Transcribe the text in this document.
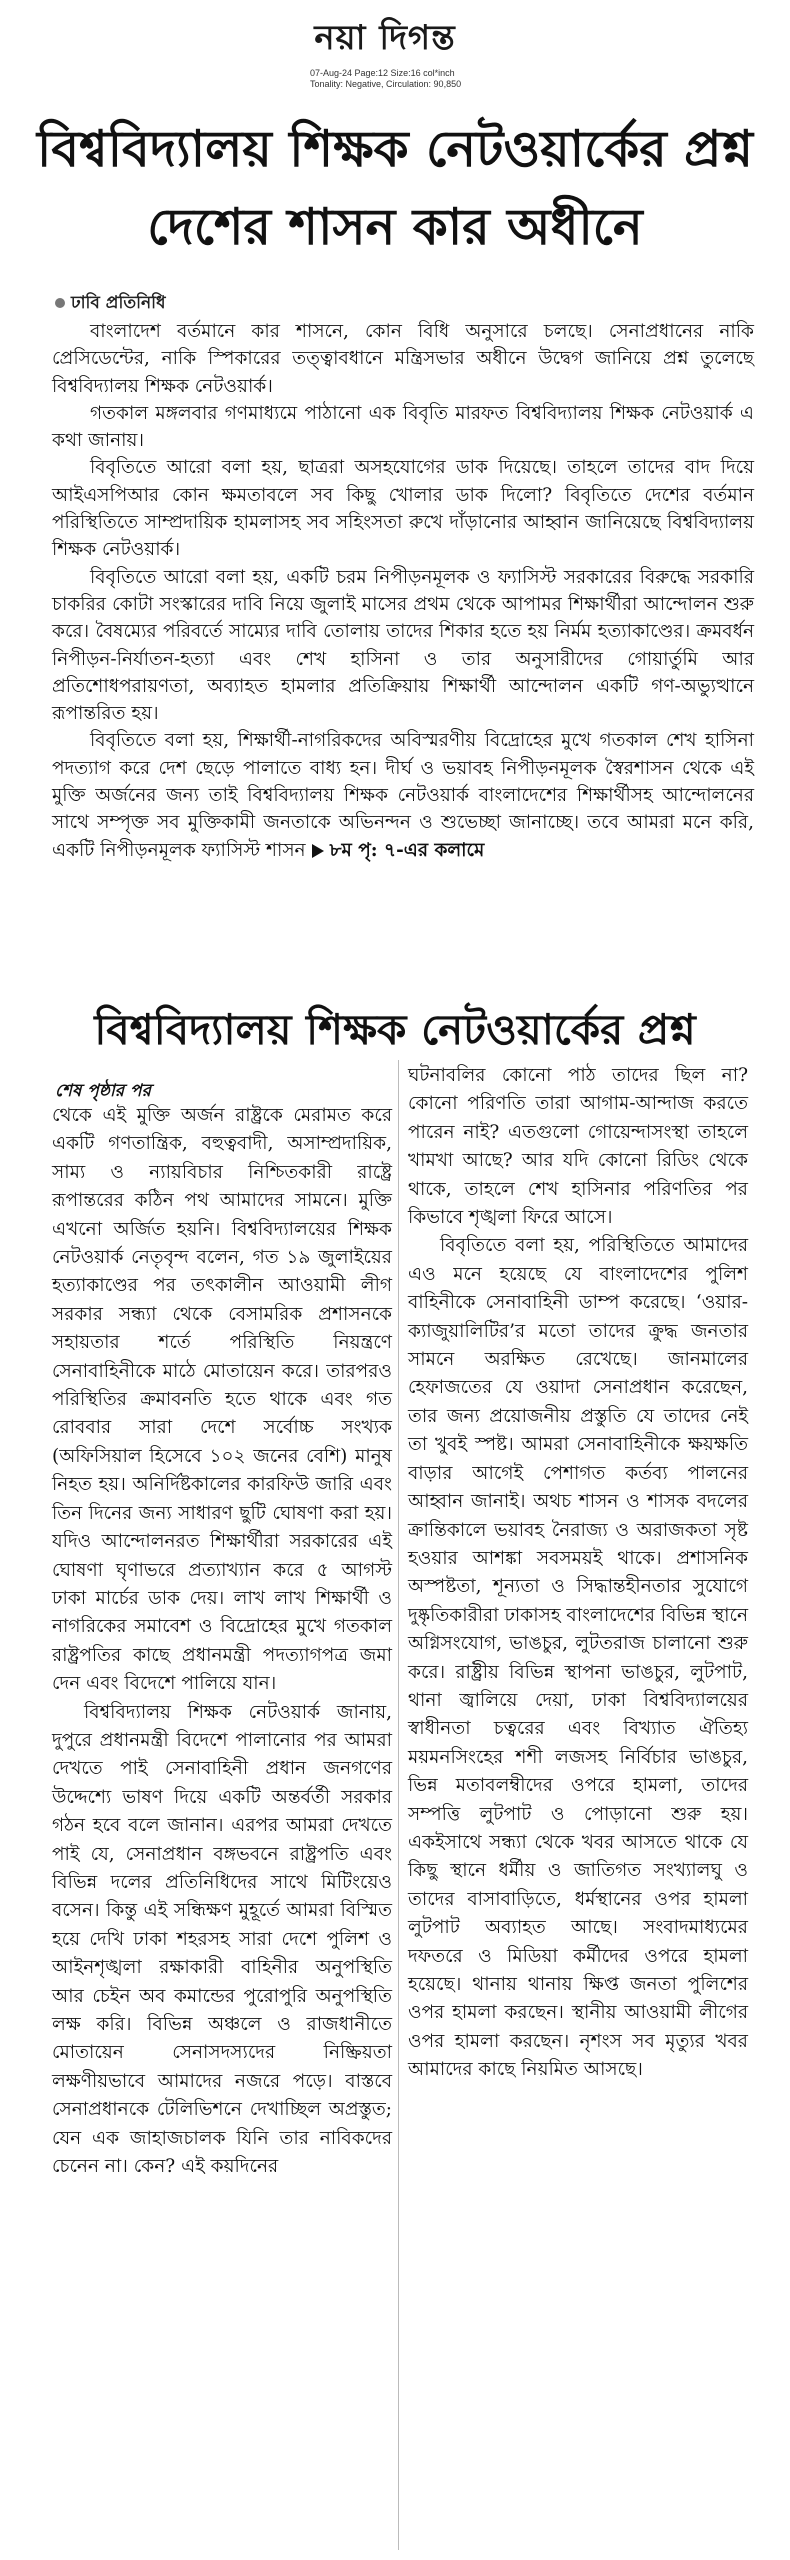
নয়া দিগন্ত
07-Aug-24 Page:12 Size:16 col*inch
Tonality: Negative, Circulation: 90,850
বিশ্ববিদ্যালয় শিক্ষক নেটওয়ার্কের প্রশ্ন
দেশের শাসন কার অধীনে
ঢাবি প্রতিনিধি

বাংলাদেশ বর্তমানে কার শাসনে, কোন বিধি অনুসারে চলছে। সেনাপ্রধানের নাকি প্রেসিডেন্টের, নাকি স্পিকারের তত্ত্বাবধানে মন্ত্রিসভার অধীনে উদ্বেগ জানিয়ে প্রশ্ন তুলেছে বিশ্ববিদ্যালয় শিক্ষক নেটওয়ার্ক।

গতকাল মঙ্গলবার গণমাধ্যমে পাঠানো এক বিবৃতি মারফত বিশ্ববিদ্যালয় শিক্ষক নেটওয়ার্ক এ কথা জানায়।

বিবৃতিতে আরো বলা হয়, ছাত্ররা অসহযোগের ডাক দিয়েছে। তাহলে তাদের বাদ দিয়ে আইএসপিআর কোন ক্ষমতাবলে সব কিছু খোলার ডাক দিলো? বিবৃতিতে দেশের বর্তমান পরিস্থিতিতে সাম্প্রদায়িক হামলাসহ সব সহিংসতা রুখে দাঁড়ানোর আহ্বান জানিয়েছে বিশ্ববিদ্যালয় শিক্ষক নেটওয়ার্ক।

বিবৃতিতে আরো বলা হয়, একটি চরম নিপীড়নমূলক ও ফ্যাসিস্ট সরকারের বিরুদ্ধে সরকারি চাকরির কোটা সংস্কারের দাবি নিয়ে জুলাই মাসের প্রথম থেকে আপামর শিক্ষার্থীরা আন্দোলন শুরু করে। বৈষম্যের পরিবর্তে সাম্যের দাবি তোলায় তাদের শিকার হতে হয় নির্মম হত্যাকাণ্ডের। ক্রমবর্ধন নিপীড়ন-নির্যাতন-হত্যা এবং শেখ হাসিনা ও তার অনুসারীদের গোয়ার্তুমি আর প্রতিশোধপরায়ণতা, অব্যাহত হামলার প্রতিক্রিয়ায় শিক্ষার্থী আন্দোলন একটি গণ-অভ্যুত্থানে রূপান্তরিত হয়।

বিবৃতিতে বলা হয়, শিক্ষার্থী-নাগরিকদের অবিস্মরণীয় বিদ্রোহের মুখে গতকাল শেখ হাসিনা পদত্যাগ করে দেশ ছেড়ে পালাতে বাধ্য হন। দীর্ঘ ও ভয়াবহ নিপীড়নমূলক স্বৈরশাসন থেকে এই মুক্তি অর্জনের জন্য তাই বিশ্ববিদ্যালয় শিক্ষক নেটওয়ার্ক বাংলাদেশের শিক্ষার্থীসহ আন্দোলনের সাথে সম্পৃক্ত সব মুক্তিকামী জনতাকে অভিনন্দন ও শুভেচ্ছা জানাচ্ছে। তবে আমরা মনে করি, একটি নিপীড়নমূলক ফ্যাসিস্ট শাসন ৮ম পৃ: ৭-এর কলামে

বিশ্ববিদ্যালয় শিক্ষক নেটওয়ার্কের প্রশ্ন
শেষ পৃষ্ঠার পর

থেকে এই মুক্তি অর্জন রাষ্ট্রকে মেরামত করে একটি গণতান্ত্রিক, বহুত্ববাদী, অসাম্প্রদায়িক, সাম্য ও ন্যায়বিচার নিশ্চিতকারী রাষ্ট্রে রূপান্তরের কঠিন পথ আমাদের সামনে। মুক্তি এখনো অর্জিত হয়নি। বিশ্ববিদ্যালয়ের শিক্ষক নেটওয়ার্ক নেতৃবৃন্দ বলেন, গত ১৯ জুলাইয়ের হত্যাকাণ্ডের পর তৎকালীন আওয়ামী লীগ সরকার সন্ধ্যা থেকে বেসামরিক প্রশাসনকে সহায়তার শর্তে পরিস্থিতি নিয়ন্ত্রণে সেনাবাহিনীকে মাঠে মোতায়েন করে। তারপরও পরিস্থিতির ক্রমাবনতি হতে থাকে এবং গত রোববার সারা দেশে সর্বোচ্চ সংখ্যক (অফিসিয়াল হিসেবে ১০২ জনের বেশি) মানুষ নিহত হয়। অনির্দিষ্টকালের কারফিউ জারি এবং তিন দিনের জন্য সাধারণ ছুটি ঘোষণা করা হয়। যদিও আন্দোলনরত শিক্ষার্থীরা সরকারের এই ঘোষণা ঘৃণাভরে প্রত্যাখ্যান করে ৫ আগস্ট ঢাকা মার্চের ডাক দেয়। লাখ লাখ শিক্ষার্থী ও নাগরিকের সমাবেশ ও বিদ্রোহের মুখে গতকাল রাষ্ট্রপতির কাছে প্রধানমন্ত্রী পদত্যাগপত্র জমা দেন এবং বিদেশে পালিয়ে যান।

বিশ্ববিদ্যালয় শিক্ষক নেটওয়ার্ক জানায়, দুপুরে প্রধানমন্ত্রী বিদেশে পালানোর পর আমরা দেখতে পাই সেনাবাহিনী প্রধান জনগণের উদ্দেশ্যে ভাষণ দিয়ে একটি অন্তর্বর্তী সরকার গঠন হবে বলে জানান। এরপর আমরা দেখতে পাই যে, সেনাপ্রধান বঙ্গভবনে রাষ্ট্রপতি এবং বিভিন্ন দলের প্রতিনিধিদের সাথে মিটিংয়েও বসেন। কিন্তু এই সন্ধিক্ষণ মুহূর্তে আমরা বিস্মিত হয়ে দেখি ঢাকা শহরসহ সারা দেশে পুলিশ ও আইনশৃঙ্খলা রক্ষাকারী বাহিনীর অনুপস্থিতি আর চেইন অব কমান্ডের পুরোপুরি অনুপস্থিতি লক্ষ করি। বিভিন্ন অঞ্চলে ও রাজধানীতে মোতায়েন সেনাসদস্যদের নিষ্ক্রিয়তা লক্ষণীয়ভাবে আমাদের নজরে পড়ে। বাস্তবে সেনাপ্রধানকে টেলিভিশনে দেখাচ্ছিল অপ্রস্তুত; যেন এক জাহাজচালক যিনি তার নাবিকদের চেনেন না। কেন? এই কয়দিনের

ঘটনাবলির কোনো পাঠ তাদের ছিল না? কোনো পরিণতি তারা আগাম-আন্দাজ করতে পারেন নাই? এতগুলো গোয়েন্দাসংস্থা তাহলে খামখা আছে? আর যদি কোনো রিডিং থেকে থাকে, তাহলে শেখ হাসিনার পরিণতির পর কিভাবে শৃঙ্খলা ফিরে আসে।

বিবৃতিতে বলা হয়, পরিস্থিতিতে আমাদের এও মনে হয়েছে যে বাংলাদেশের পুলিশ বাহিনীকে সেনাবাহিনী ডাম্প করেছে। ‘ওয়ার-ক্যাজুয়ালিটির’র মতো তাদের ক্রুদ্ধ জনতার সামনে অরক্ষিত রেখেছে। জানমালের হেফাজতের যে ওয়াদা সেনাপ্রধান করেছেন, তার জন্য প্রয়োজনীয় প্রস্তুতি যে তাদের নেই তা খুবই স্পষ্ট। আমরা সেনাবাহিনীকে ক্ষয়ক্ষতি বাড়ার আগেই পেশাগত কর্তব্য পালনের আহ্বান জানাই। অথচ শাসন ও শাসক বদলের ক্রান্তিকালে ভয়াবহ নৈরাজ্য ও অরাজকতা সৃষ্ট হওয়ার আশঙ্কা সবসময়ই থাকে। প্রশাসনিক অস্পষ্টতা, শূন্যতা ও সিদ্ধান্তহীনতার সুযোগে দুষ্কৃতিকারীরা ঢাকাসহ বাংলাদেশের বিভিন্ন স্থানে অগ্নিসংযোগ, ভাঙচুর, লুটতরাজ চালানো শুরু করে। রাষ্ট্রীয় বিভিন্ন স্থাপনা ভাঙচুর, লুটপাট, থানা জ্বালিয়ে দেয়া, ঢাকা বিশ্ববিদ্যালয়ের স্বাধীনতা চত্বরের এবং বিখ্যাত ঐতিহ্য ময়মনসিংহের শশী লজসহ নির্বিচার ভাঙচুর, ভিন্ন মতাবলম্বীদের ওপরে হামলা, তাদের সম্পত্তি লুটপাট ও পোড়ানো শুরু হয়। একইসাথে সন্ধ্যা থেকে খবর আসতে থাকে যে কিছু স্থানে ধর্মীয় ও জাতিগত সংখ্যালঘু ও তাদের বাসাবাড়িতে, ধর্মস্থানের ওপর হামলা লুটপাট অব্যাহত আছে। সংবাদমাধ্যমের দফতরে ও মিডিয়া কর্মীদের ওপরে হামলা হয়েছে। থানায় থানায় ক্ষিপ্ত জনতা পুলিশের ওপর হামলা করছেন। স্থানীয় আওয়ামী লীগের ওপর হামলা করছেন। নৃশংস সব মৃত্যুর খবর আমাদের কাছে নিয়মিত আসছে।
